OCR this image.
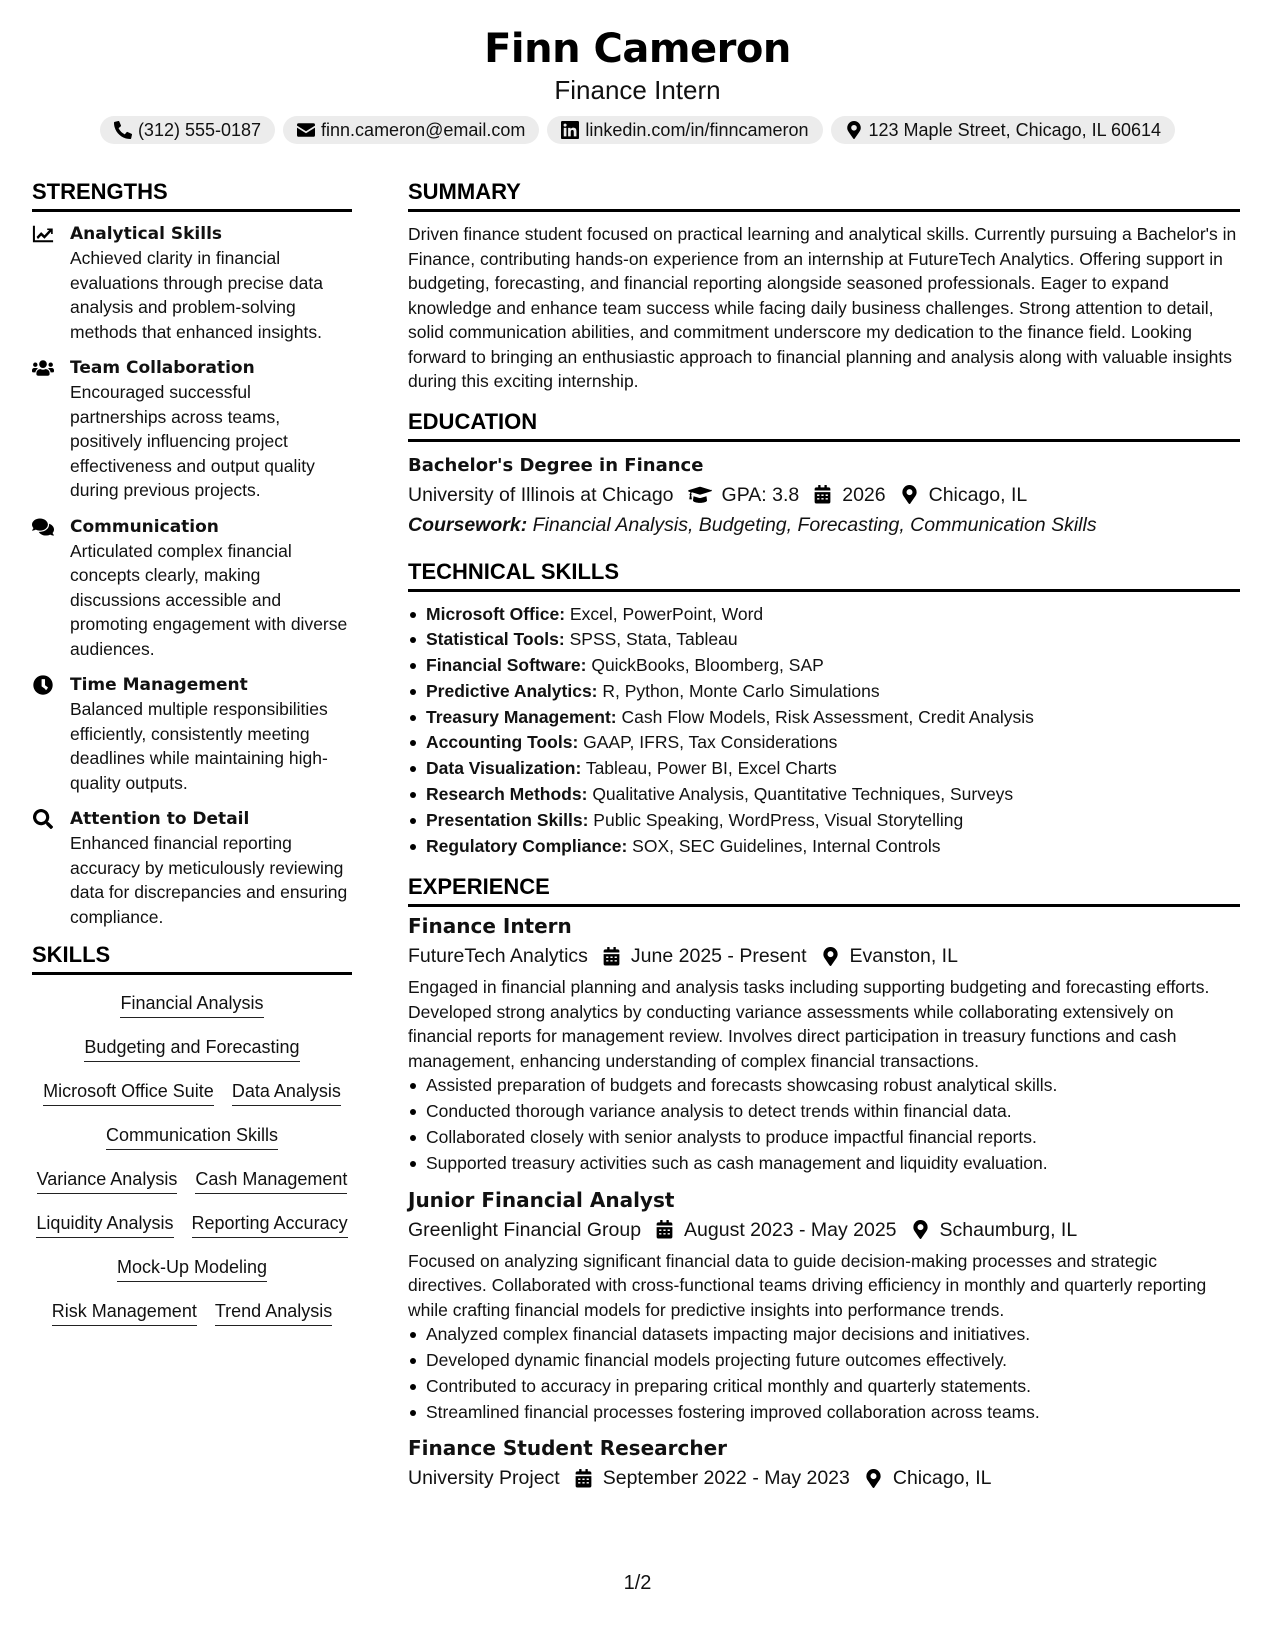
Finn Cameron
Finance Intern
(312) 555-0187	finn.cameron@email.com	linkedin.com/in/finncameron	123 Maple Street, Chicago, IL 60614
STRENGTHS
Analytical Skills
Achieved clarity in financial evaluations through precise data analysis and problem-solving methods that enhanced insights.
Team Collaboration
Encouraged successful partnerships across teams, positively influencing project effectiveness and output quality during previous projects.
Communication
Articulated complex financial concepts clearly, making discussions accessible and promoting engagement with diverse audiences.
Time Management
Balanced multiple responsibilities efficiently, consistently meeting deadlines while maintaining high-quality outputs.
Attention to Detail
Enhanced financial reporting accuracy by meticulously reviewing data for discrepancies and ensuring compliance.
SKILLS
Financial Analysis
Budgeting and Forecasting
Microsoft Office Suite Data Analysis
Communication Skills
Variance Analysis Cash Management
Liquidity Analysis Reporting Accuracy
Mock-Up Modeling
Risk Management Trend Analysis
SUMMARY
Driven finance student focused on practical learning and analytical skills. Currently pursuing a Bachelor's in Finance, contributing hands-on experience from an internship at FutureTech Analytics. Offering support in budgeting, forecasting, and financial reporting alongside seasoned professionals. Eager to expand knowledge and enhance team success while facing daily business challenges. Strong attention to detail, solid communication abilities, and commitment underscore my dedication to the finance field. Looking forward to bringing an enthusiastic approach to financial planning and analysis along with valuable insights during this exciting internship.
EDUCATION
Bachelor's Degree in Finance
University of Illinois at Chicago GPA: 3.8 2026 Chicago, IL
Coursework: Financial Analysis, Budgeting, Forecasting, Communication Skills
TECHNICAL SKILLS
Microsoft Office: Excel, PowerPoint, Word
Statistical Tools: SPSS, Stata, Tableau
Financial Software: QuickBooks, Bloomberg, SAP
Predictive Analytics: R, Python, Monte Carlo Simulations
Treasury Management: Cash Flow Models, Risk Assessment, Credit Analysis
Accounting Tools: GAAP, IFRS, Tax Considerations
Data Visualization: Tableau, Power BI, Excel Charts
Research Methods: Qualitative Analysis, Quantitative Techniques, Surveys
Presentation Skills: Public Speaking, WordPress, Visual Storytelling
Regulatory Compliance: SOX, SEC Guidelines, Internal Controls
EXPERIENCE
Finance Intern
FutureTech Analytics June 2025 - Present Evanston, IL
Engaged in financial planning and analysis tasks including supporting budgeting and forecasting efforts. Developed strong analytics by conducting variance assessments while collaborating extensively on financial reports for management review. Involves direct participation in treasury functions and cash management, enhancing understanding of complex financial transactions.
Assisted preparation of budgets and forecasts showcasing robust analytical skills.
Conducted thorough variance analysis to detect trends within financial data.
Collaborated closely with senior analysts to produce impactful financial reports.
Supported treasury activities such as cash management and liquidity evaluation.
Junior Financial Analyst
Greenlight Financial Group August 2023 - May 2025 Schaumburg, IL
Focused on analyzing significant financial data to guide decision-making processes and strategic directives. Collaborated with cross-functional teams driving efficiency in monthly and quarterly reporting while crafting financial models for predictive insights into performance trends.
Analyzed complex financial datasets impacting major decisions and initiatives.
Developed dynamic financial models projecting future outcomes effectively.
Contributed to accuracy in preparing critical monthly and quarterly statements.
Streamlined financial processes fostering improved collaboration across teams.
Finance Student Researcher
University Project September 2022 - May 2023 Chicago, IL
1/2
